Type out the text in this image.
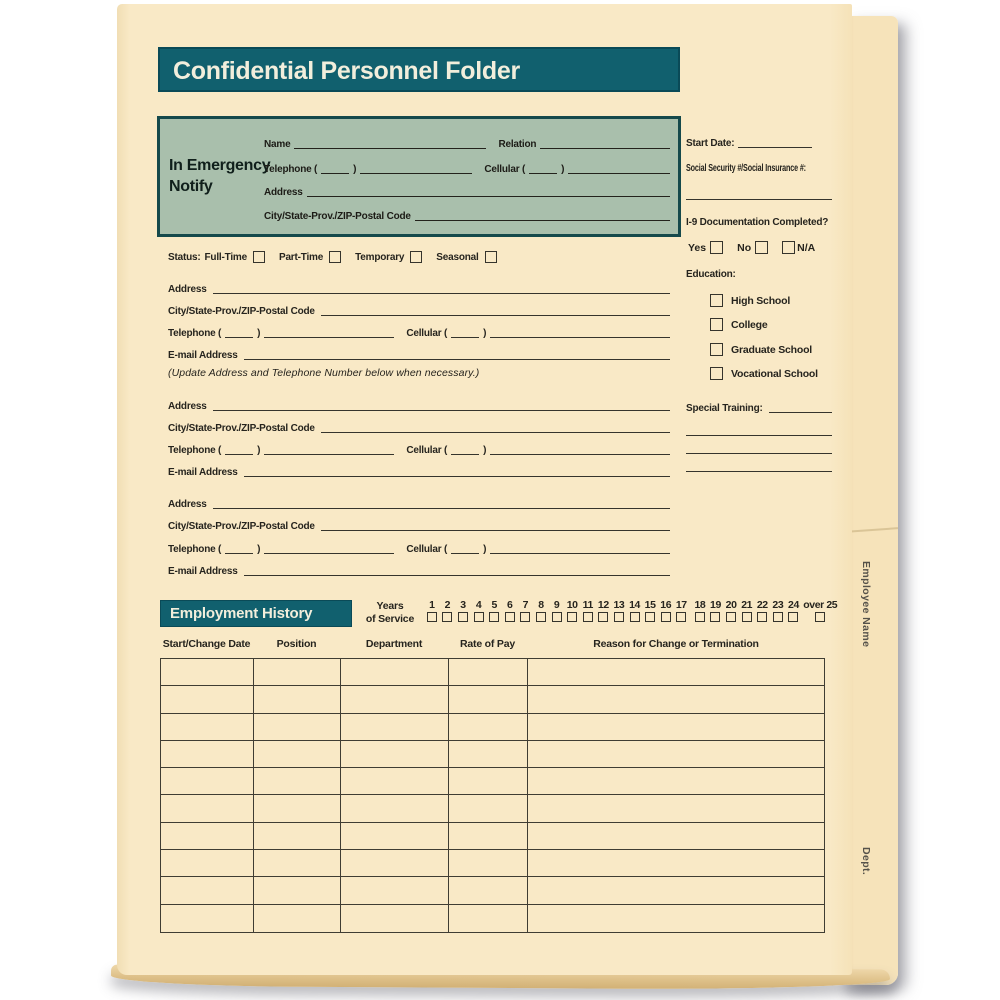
Confidential Personnel Folder
In Emergency
Notify
Name	Relation
Telephone (	)	Cellular (	)
Address
City/State-Prov./ZIP-Postal Code
Status: Full-Time	Part-Time	Temporary	Seasonal
Address
City/State-Prov./ZIP-Postal Code
Telephone (	)	Cellular (	)
E-mail Address
(Update Address and Telephone Number below when necessary.)
Address
City/State-Prov./ZIP-Postal Code
Telephone (	)	Cellular (	)
E-mail Address
Address
City/State-Prov./ZIP-Postal Code
Telephone (	)	Cellular (	)
E-mail Address
Start Date:
Social Security #/Social Insurance #:
I-9 Documentation Completed?
Yes	No	N/A
Education:
High School
College
Graduate School
Vocational School
Special Training:
Employment History	Years
of Service
1 2 3 4 5 6 7 8 9 10 11 12 13 14 15 16 17 18 19 20 21 22 23 24 over 25
Start/Change Date	Position	Department	Rate of Pay	Reason for Change or Termination	Employee Name
Dept.
